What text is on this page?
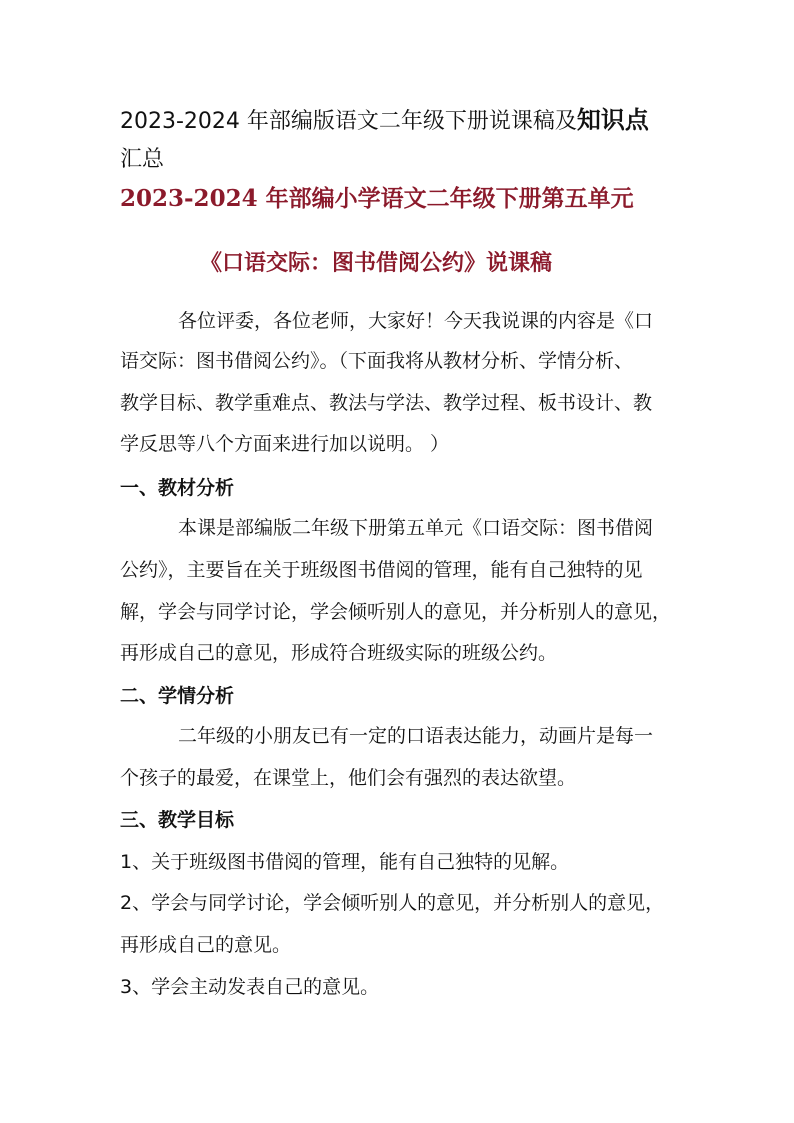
2023-2024 年部编版语文二年级下册说课稿及知识点
汇总
2023-2024 年部编小学语文二年级下册第五单元
《口语交际：图书借阅公约》说课稿
各位评委，各位老师，大家好！今天我说课的内容是《口
语交际：图书借阅公约》。（下面我将从教材分析、学情分析、
教学目标、教学重难点、教法与学法、教学过程、板书设计、教
学反思等八个方面来进行加以说明。 ）
一、教材分析
本课是部编版二年级下册第五单元《口语交际：图书借阅
公约》，主要旨在关于班级图书借阅的管理，能有自己独特的见
解，学会与同学讨论，学会倾听别人的意见，并分析别人的意见，
再形成自己的意见，形成符合班级实际的班级公约。
二、学情分析
二年级的小朋友已有一定的口语表达能力，动画片是每一
个孩子的最爱，在课堂上，他们会有强烈的表达欲望。
三、教学目标
1、关于班级图书借阅的管理，能有自己独特的见解。
2、学会与同学讨论，学会倾听别人的意见，并分析别人的意见，
再形成自己的意见。
3、学会主动发表自己的意见。
